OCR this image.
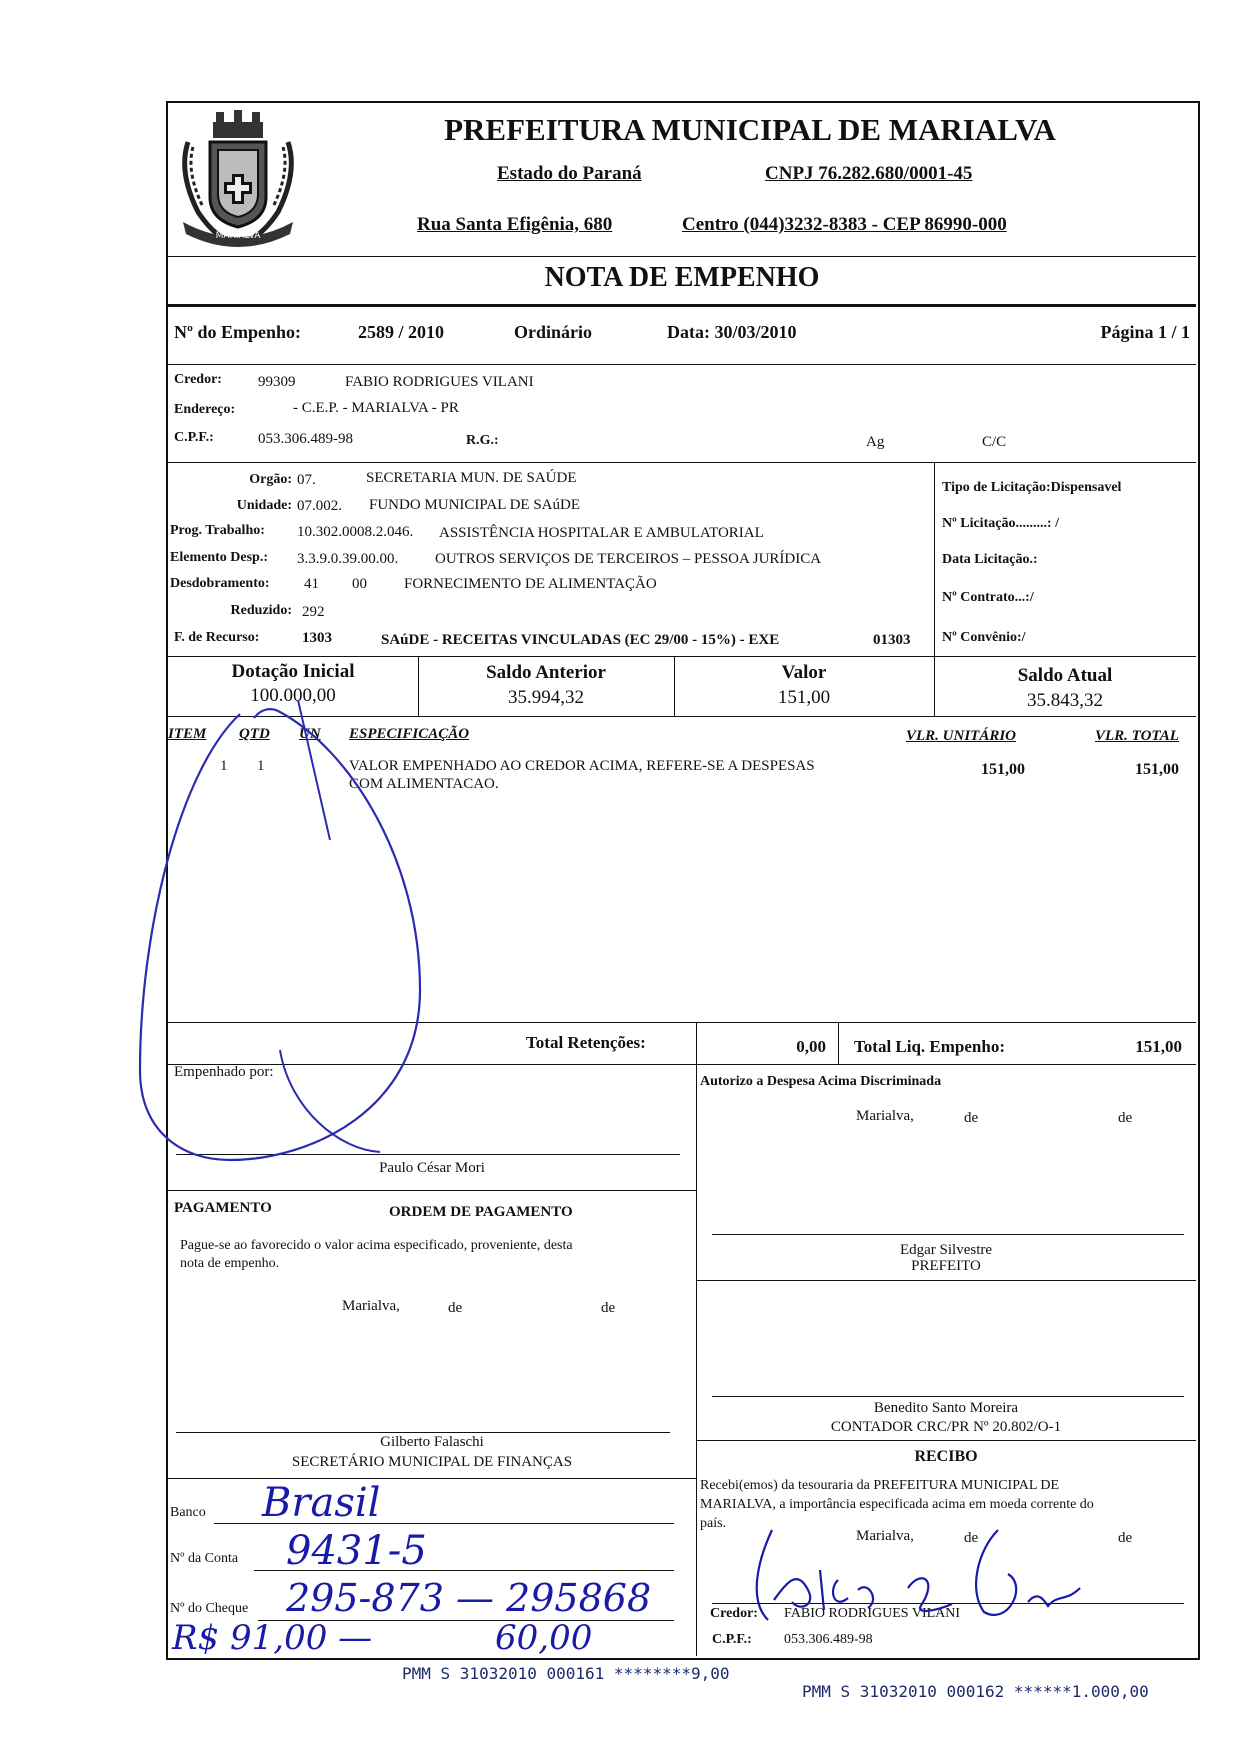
MARIALVA
PREFEITURA MUNICIPAL DE MARIALVA
Estado do Paraná	CNPJ 76.282.680/0001-45
Rua Santa Efigênia, 680	Centro (044)3232-8383 - CEP 86990-000
NOTA DE EMPENHO
Nº do Empenho:	2589 / 2010	Ordinário	Data: 30/03/2010	Página 1 / 1
Credor: 99309	FABIO RODRIGUES VILANI
Endereço:	- C.E.P. - MARIALVA - PR
C.P.F.:	053.306.489-98	R.G.:	Ag	C/C
Orgão: 07.	SECRETARIA MUN. DE SAÚDE
Unidade: 07.002. FUNDO MUNICIPAL DE SAúDE
Prog. Trabalho: 10.302.0008.2.046. ASSISTÊNCIA HOSPITALAR E AMBULATORIAL
Elemento Desp.: 3.3.9.0.39.00.00. OUTROS SERVIÇOS DE TERCEIROS – PESSOA JURÍDICA
Desdobramento: 41 00 FORNECIMENTO DE ALIMENTAÇÃO
Reduzido: 292
F. de Recurso:	1303	SAúDE - RECEITAS VINCULADAS (EC 29/00 - 15%) - EXE	01303
Tipo de Licitação:Dispensavel
Nº Licitação.........: /
Data Licitação.:
Nº Contrato...:/
Nº Convênio:/
Dotação Inicial
100.000,00
Saldo Anterior
35.994,32
Valor
151,00
Saldo Atual
35.843,32
ITEM QTD UN ESPECIFICAÇÃO	VLR. UNITÁRIO	VLR. TOTAL
1 1	VALOR EMPENHADO AO CREDOR ACIMA, REFERE-SE A DESPESAS
COM ALIMENTACAO.
151,00	151,00
Total Retenções:	0,00 Total Liq. Empenho:	151,00
Empenhado por:
Paulo César Mori
Autorizo a Despesa Acima Discriminada
Marialva,	de	de
Edgar Silvestre
PREFEITO
Benedito Santo Moreira
CONTADOR CRC/PR Nº 20.802/O-1
PAGAMENTO	ORDEM DE PAGAMENTO
Pague-se ao favorecido o valor acima especificado, proveniente, desta
nota de empenho.
Marialva,	de	de
Gilberto Falaschi
SECRETÁRIO MUNICIPAL DE FINANÇAS
Banco Brasil
Nº da Conta 9431-5
Nº do Cheque 295-873 — 295868
R$ 91,00 —	60,00
RECIBO
Recebi(emos) da tesouraria da PREFEITURA MUNICIPAL DE
MARIALVA, a importância especificada acima em moeda corrente do
país.
Marialva,	de	de
Credor: FABIO RODRIGUES VILANI
C.P.F.: 053.306.489-98
PMM S 31032010 000161 ********9,00
PMM S 31032010 000162 ******1.000,00
